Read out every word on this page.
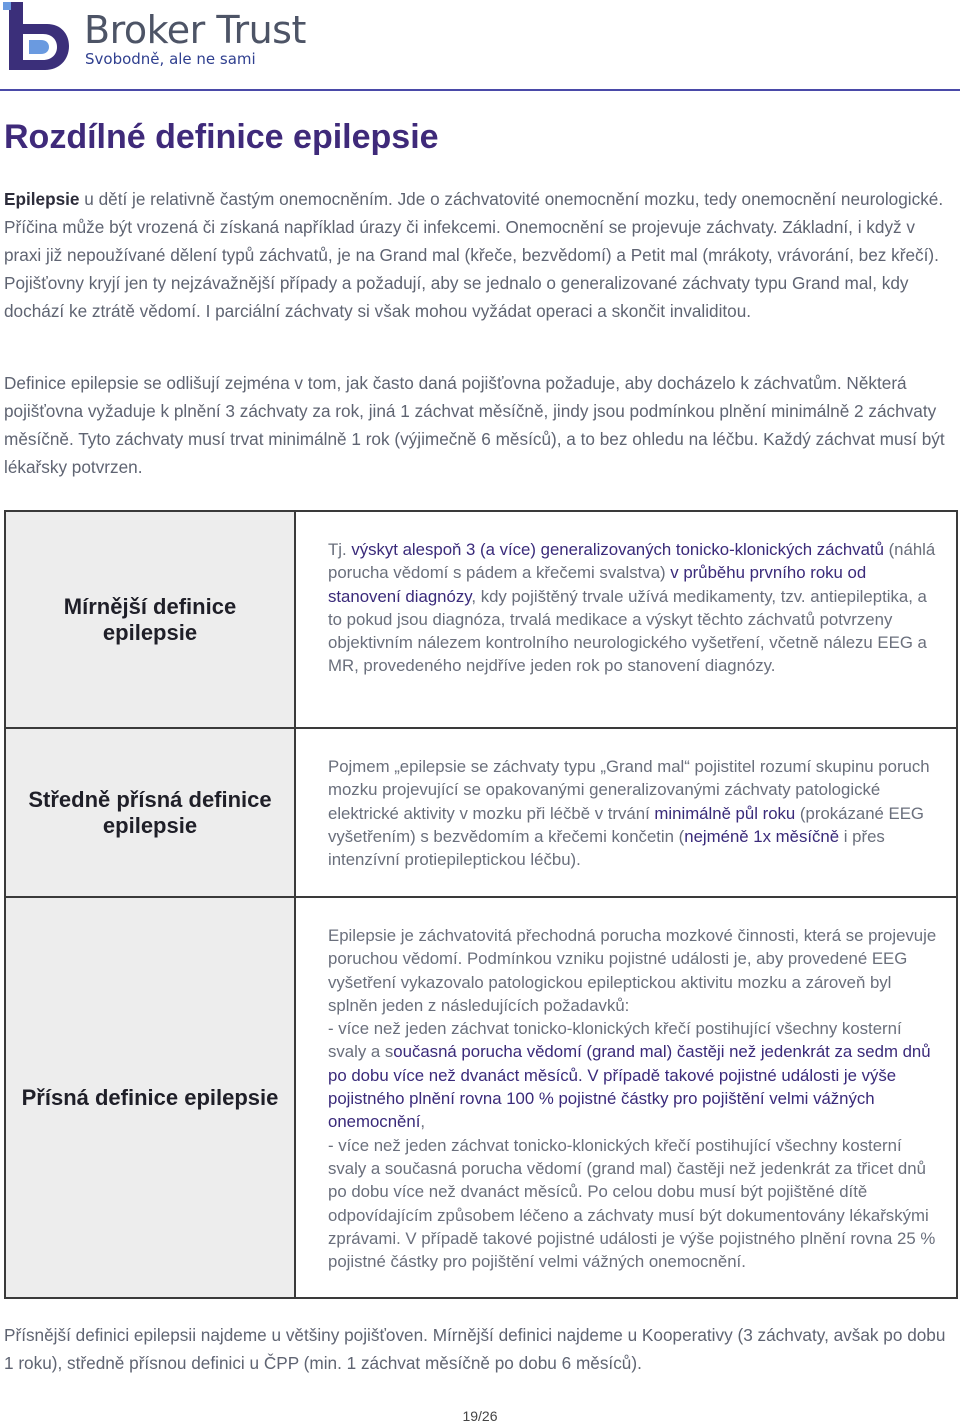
Broker Trust
Svobodně, ale ne sami
Rozdílné definice epilepsie

Epilepsie u dětí je relativně častým onemocněním. Jde o záchvatovité onemocnění mozku, tedy onemocnění neurologické. Příčina může být vrozená či získaná například úrazy či infekcemi. Onemocnění se projevuje záchvaty. Základní, i když v praxi již nepoužívané dělení typů záchvatů, je na Grand mal (křeče, bezvědomí) a Petit mal (mrákoty, vrávorání, bez křečí). Pojišťovny kryjí jen ty nejzávažnější případy a požadují, aby se jednalo o generalizované záchvaty typu Grand mal, kdy dochází ke ztrátě vědomí. I parciální záchvaty si však mohou vyžádat operaci a skončit invaliditou.

Definice epilepsie se odlišují zejména v tom, jak často daná pojišťovna požaduje, aby docházelo k záchvatům. Některá pojišťovna vyžaduje k plnění 3 záchvaty za rok, jiná 1 záchvat měsíčně, jindy jsou podmínkou plnění minimálně 2 záchvaty měsíčně. Tyto záchvaty musí trvat minimálně 1 rok (výjimečně 6 měsíců), a to bez ohledu na léčbu. Každý záchvat musí být lékařsky potvrzen.

Mírnější definice epilepsie
Tj. výskyt alespoň 3 (a více) generalizovaných tonicko-klonických záchvatů (náhlá porucha vědomí s pádem a křečemi svalstva) v průběhu prvního roku od stanovení diagnózy, kdy pojištěný trvale užívá medikamenty, tzv. antiepileptika, a to pokud jsou diagnóza, trvalá medikace a výskyt těchto záchvatů potvrzeny objektivním nálezem kontrolního neurologického vyšetření, včetně nálezu EEG a MR, provedeného nejdříve jeden rok po stanovení diagnózy.
Středně přísná definice epilepsie
Pojmem „epilepsie se záchvaty typu „Grand mal“ pojistitel rozumí skupinu poruch mozku projevující se opakovanými generalizovanými záchvaty patologické elektrické aktivity v mozku při léčbě v trvání minimálně půl roku (prokázané EEG vyšetřením) s bezvědomím a křečemi končetin (nejméně 1x měsíčně i přes intenzívní protiepileptickou léčbu).
Přísná definice epilepsie
Epilepsie je záchvatovitá přechodná porucha mozkové činnosti, která se projevuje poruchou vědomí. Podmínkou vzniku pojistné události je, aby provedené EEG vyšetření vykazovalo patologickou epileptickou aktivitu mozku a zároveň byl splněn jeden z následujících požadavků:
- více než jeden záchvat tonicko-klonických křečí postihující všechny kosterní svaly a současná porucha vědomí (grand mal) častěji než jedenkrát za sedm dnů po dobu více než dvanáct měsíců. V případě takové pojistné události je výše pojistného plnění rovna 100 % pojistné částky pro pojištění velmi vážných onemocnění,
- více než jeden záchvat tonicko-klonických křečí postihující všechny kosterní svaly a současná porucha vědomí (grand mal) častěji než jedenkrát za třicet dnů po dobu více než dvanáct měsíců. Po celou dobu musí být pojištěné dítě odpovídajícím způsobem léčeno a záchvaty musí být dokumentovány lékařskými zprávami. V případě takové pojistné události je výše pojistného plnění rovna 25 % pojistné částky pro pojištění velmi vážných onemocnění.

Přísnější definici epilepsii najdeme u většiny pojišťoven. Mírnější definici najdeme u Kooperativy (3 záchvaty, avšak po dobu 1 roku), středně přísnou definici u ČPP (min. 1 záchvat měsíčně po dobu 6 měsíců).

19/26
